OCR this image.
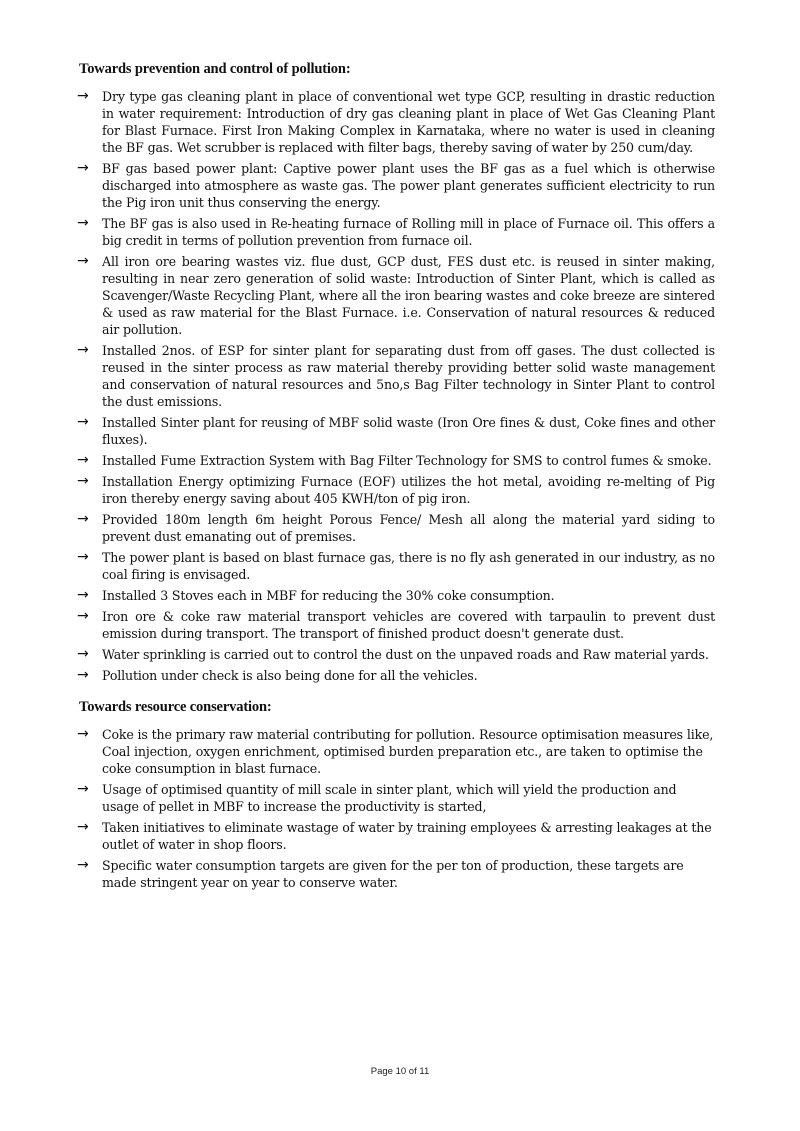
Towards prevention and control of pollution:
→ Dry type gas cleaning plant in place of conventional wet type GCP, resulting in drastic reduction in water requirement: Introduction of dry gas cleaning plant in place of Wet Gas Cleaning Plant for Blast Furnace. First Iron Making Complex in Karnataka, where no water is used in cleaning the BF gas. Wet scrubber is replaced with filter bags, thereby saving of water by 250 cum/day.
→ BF gas based power plant: Captive power plant uses the BF gas as a fuel which is otherwise discharged into atmosphere as waste gas. The power plant generates sufficient electricity to run the Pig iron unit thus conserving the energy.
→ The BF gas is also used in Re-heating furnace of Rolling mill in place of Furnace oil. This offers a big credit in terms of pollution prevention from furnace oil.
→ All iron ore bearing wastes viz. flue dust, GCP dust, FES dust etc. is reused in sinter making, resulting in near zero generation of solid waste: Introduction of Sinter Plant, which is called as Scavenger/Waste Recycling Plant, where all the iron bearing wastes and coke breeze are sintered & used as raw material for the Blast Furnace. i.e. Conservation of natural resources & reduced air pollution.
→ Installed 2nos. of ESP for sinter plant for separating dust from off gases. The dust collected is reused in the sinter process as raw material thereby providing better solid waste management and conservation of natural resources and 5no,s Bag Filter technology in Sinter Plant to control the dust emissions.
→ Installed Sinter plant for reusing of MBF solid waste (Iron Ore fines & dust, Coke fines and other fluxes).
→ Installed Fume Extraction System with Bag Filter Technology for SMS to control fumes & smoke.
→ Installation Energy optimizing Furnace (EOF) utilizes the hot metal, avoiding re-melting of Pig iron thereby energy saving about 405 KWH/ton of pig iron.
→ Provided 180m length 6m height Porous Fence/ Mesh all along the material yard siding to prevent dust emanating out of premises.
→ The power plant is based on blast furnace gas, there is no fly ash generated in our industry, as no coal firing is envisaged.
→ Installed 3 Stoves each in MBF for reducing the 30% coke consumption.
→ Iron ore & coke raw material transport vehicles are covered with tarpaulin to prevent dust emission during transport. The transport of finished product doesn't generate dust.
→ Water sprinkling is carried out to control the dust on the unpaved roads and Raw material yards.
→ Pollution under check is also being done for all the vehicles.
Towards resource conservation:
→ Coke is the primary raw material contributing for pollution. Resource optimisation measures like, Coal injection, oxygen enrichment, optimised burden preparation etc., are taken to optimise the coke consumption in blast furnace.
→ Usage of optimised quantity of mill scale in sinter plant, which will yield the production and usage of pellet in MBF to increase the productivity is started,
→ Taken initiatives to eliminate wastage of water by training employees & arresting leakages at the outlet of water in shop floors.
→ Specific water consumption targets are given for the per ton of production, these targets are made stringent year on year to conserve water.
Page 10 of 11
